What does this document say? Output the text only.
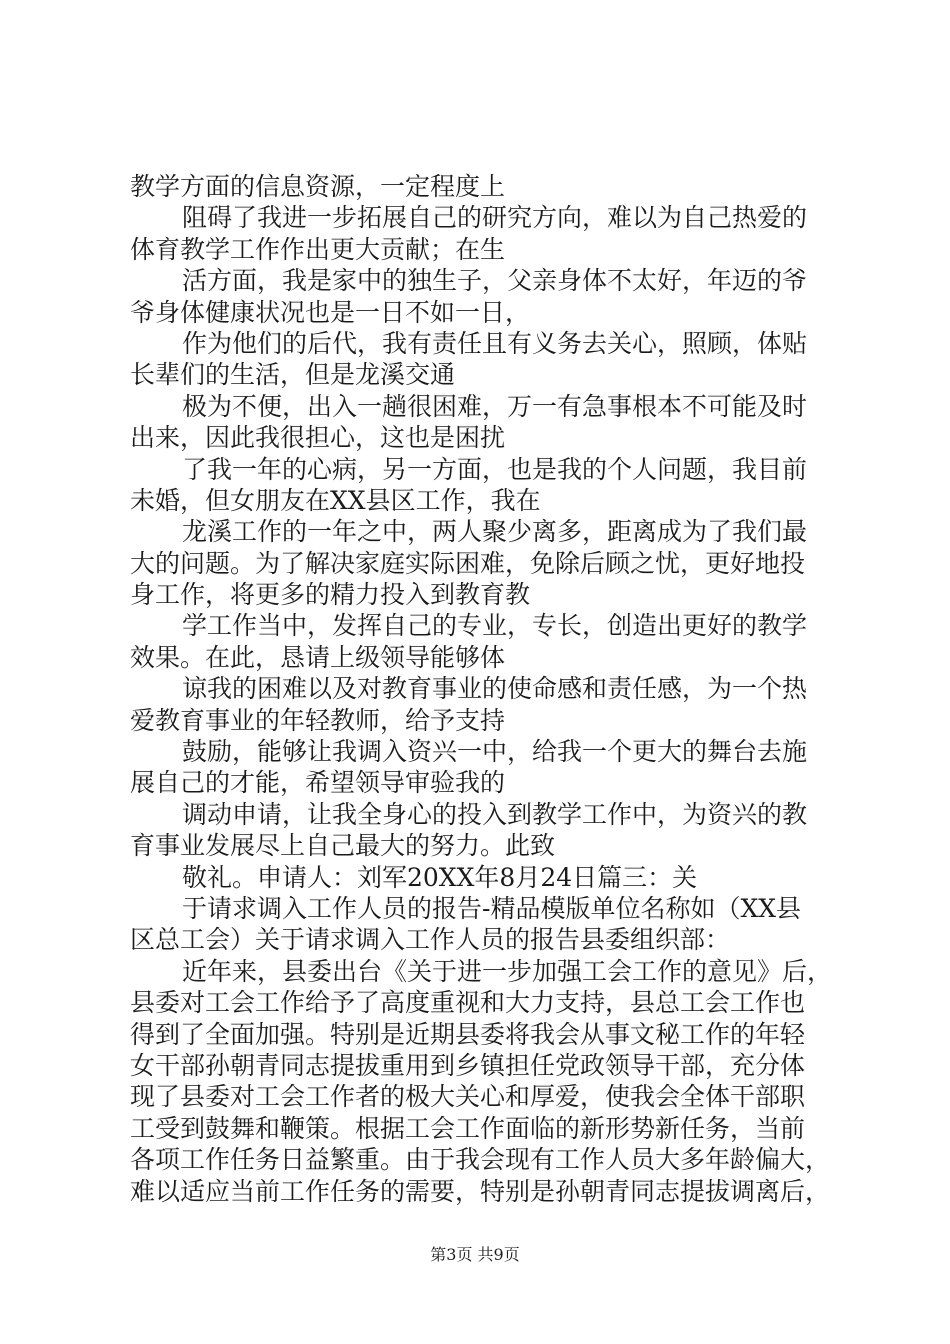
教学方面的信息资源，一定程度上
阻碍了我进一步拓展自己的研究方向，难以为自己热爱的
体育教学工作作出更大贡献；在生
活方面，我是家中的独生子，父亲身体不太好，年迈的爷
爷身体健康状况也是一日不如一日，
作为他们的后代，我有责任且有义务去关心，照顾，体贴
长辈们的生活，但是龙溪交通
极为不便，出入一趟很困难，万一有急事根本不可能及时
出来，因此我很担心，这也是困扰
了我一年的心病，另一方面，也是我的个人问题，我目前
未婚，但女朋友在XX县区工作，我在
龙溪工作的一年之中，两人聚少离多，距离成为了我们最
大的问题。为了解决家庭实际困难，免除后顾之忧，更好地投
身工作，将更多的精力投入到教育教
学工作当中，发挥自己的专业，专长，创造出更好的教学
效果。在此，恳请上级领导能够体
谅我的困难以及对教育事业的使命感和责任感，为一个热
爱教育事业的年轻教师，给予支持
鼓励，能够让我调入资兴一中，给我一个更大的舞台去施
展自己的才能，希望领导审验我的
调动申请，让我全身心的投入到教学工作中，为资兴的教
育事业发展尽上自己最大的努力。此致
敬礼。申请人：刘军20XX年8月24日篇三：关
于请求调入工作人员的报告-精品模版单位名称如（XX县
区总工会）关于请求调入工作人员的报告县委组织部：
近年来，县委出台《关于进一步加强工会工作的意见》后，
县委对工会工作给予了高度重视和大力支持，县总工会工作也
得到了全面加强。特别是近期县委将我会从事文秘工作的年轻
女干部孙朝青同志提拔重用到乡镇担任党政领导干部，充分体
现了县委对工会工作者的极大关心和厚爱，使我会全体干部职
工受到鼓舞和鞭策。根据工会工作面临的新形势新任务，当前
各项工作任务日益繁重。由于我会现有工作人员大多年龄偏大，
难以适应当前工作任务的需要，特别是孙朝青同志提拔调离后，
第3页 共9页
